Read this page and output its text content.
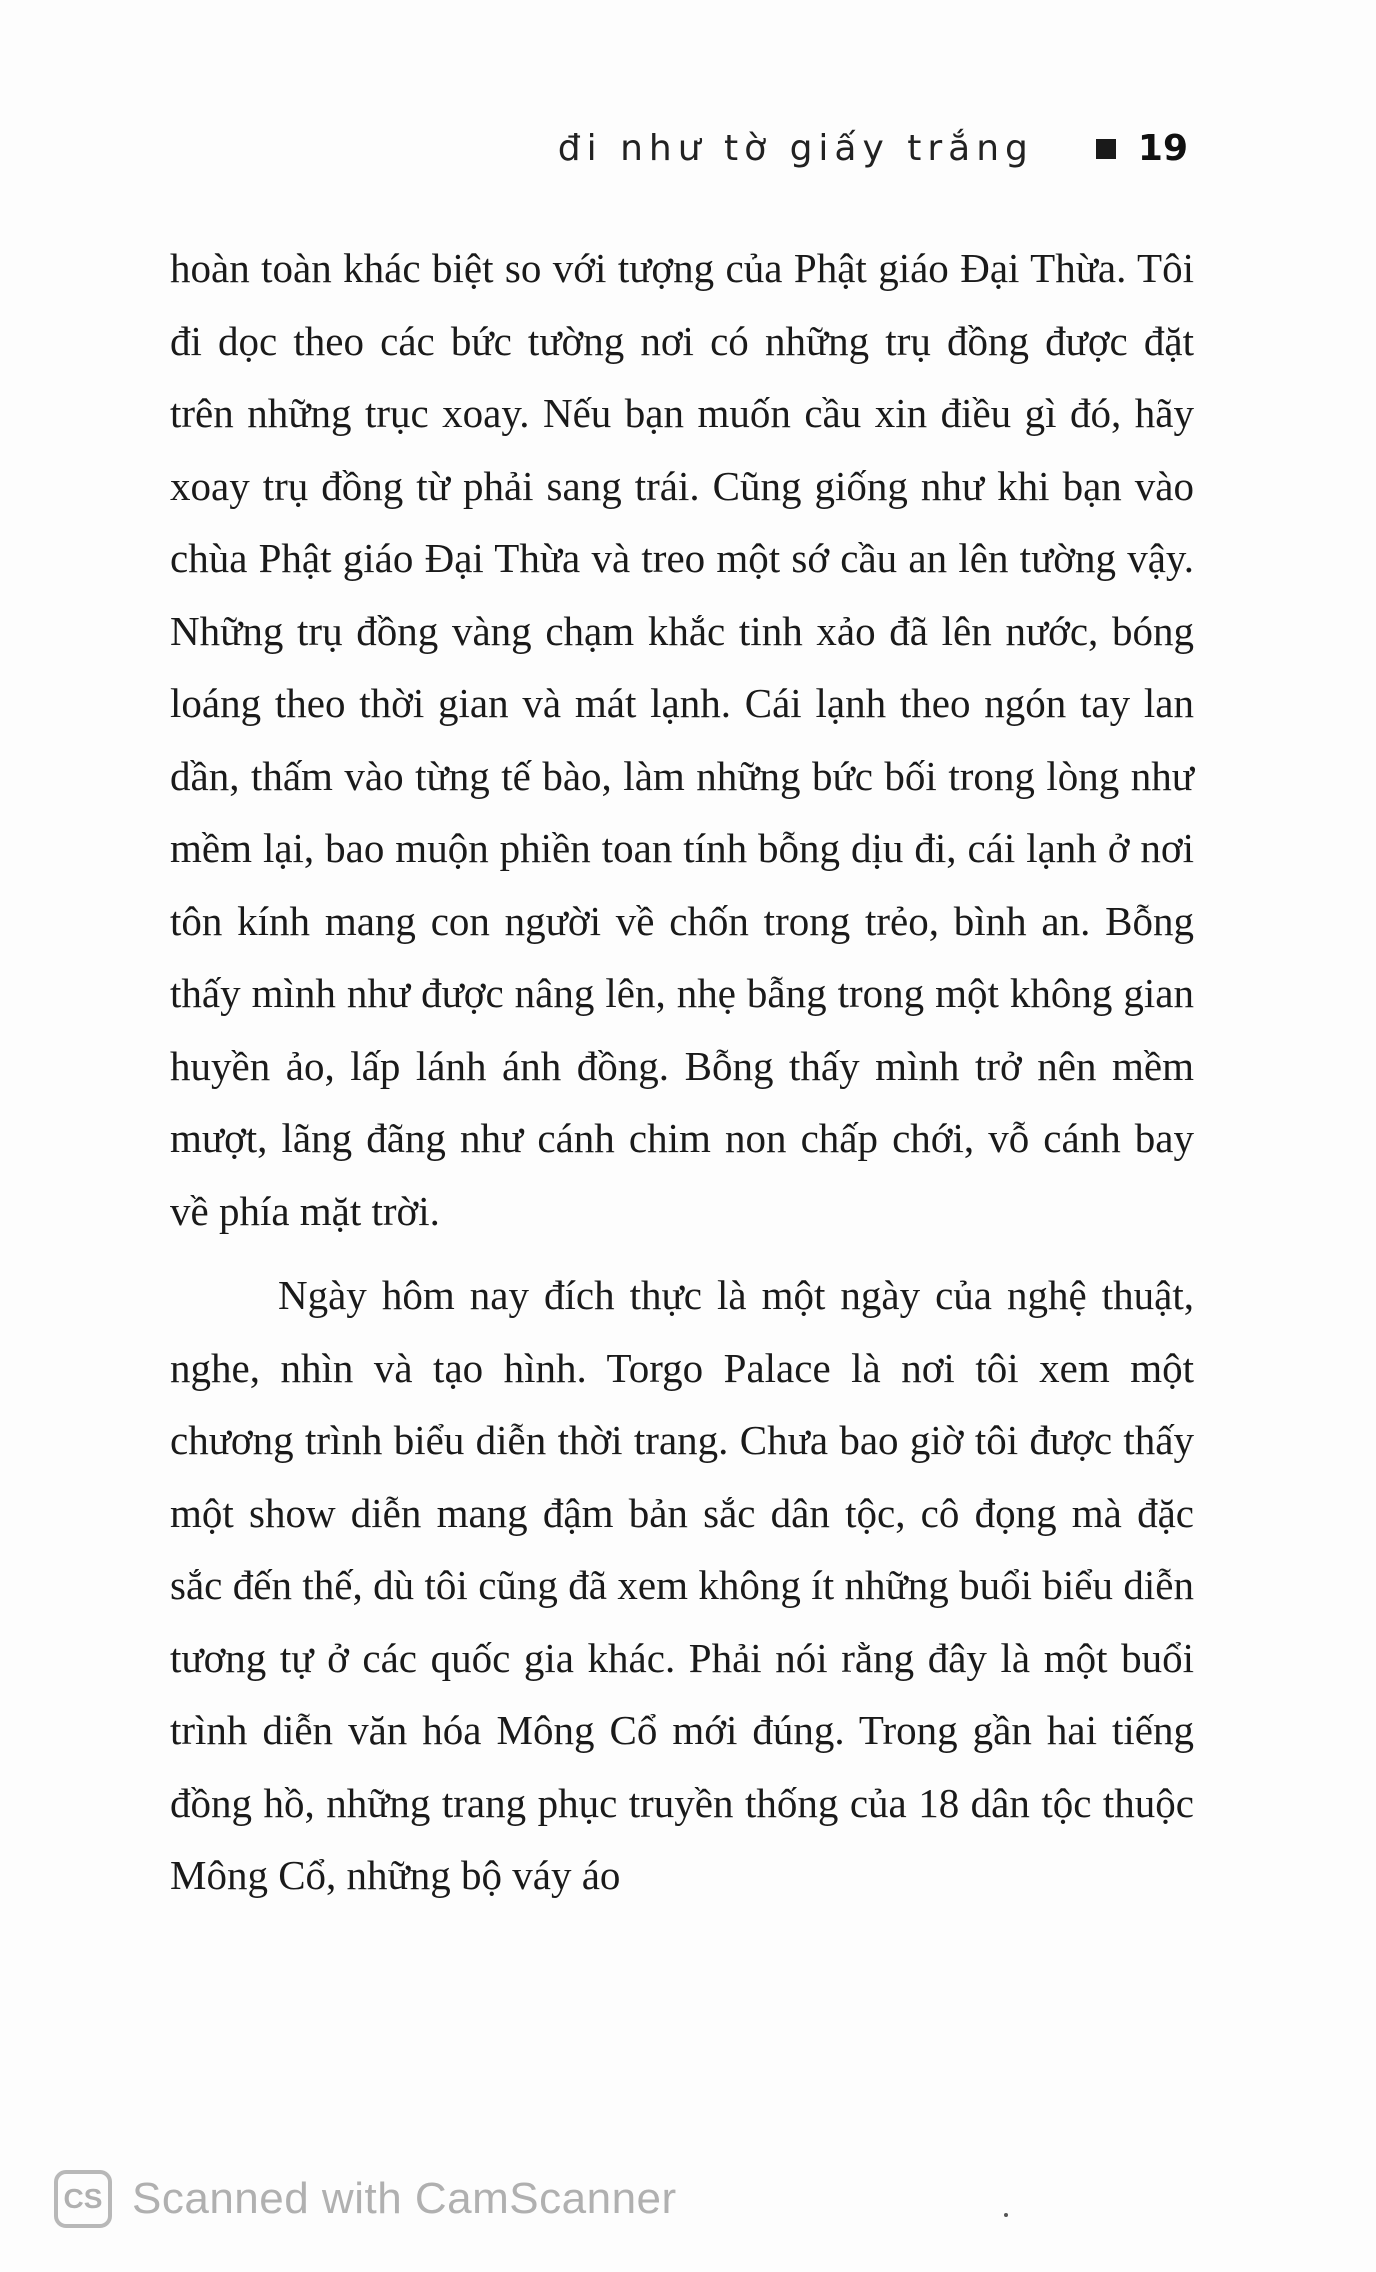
đi như tờ giấy trắng	19

hoàn toàn khác biệt so với tượng của Phật giáo Đại Thừa. Tôi đi dọc theo các bức tường nơi có những trụ đồng được đặt trên những trục xoay. Nếu bạn muốn cầu xin điều gì đó, hãy xoay trụ đồng từ phải sang trái. Cũng giống như khi bạn vào chùa Phật giáo Đại Thừa và treo một sớ cầu an lên tường vậy. Những trụ đồng vàng chạm khắc tinh xảo đã lên nước, bóng loáng theo thời gian và mát lạnh. Cái lạnh theo ngón tay lan dần, thấm vào từng tế bào, làm những bức bối trong lòng như mềm lại, bao muộn phiền toan tính bỗng dịu đi, cái lạnh ở nơi tôn kính mang con người về chốn trong trẻo, bình an. Bỗng thấy mình như được nâng lên, nhẹ bẫng trong một không gian huyền ảo, lấp lánh ánh đồng. Bỗng thấy mình trở nên mềm mượt, lãng đãng như cánh chim non chấp chới, vỗ cánh bay về phía mặt trời.

Ngày hôm nay đích thực là một ngày của nghệ thuật, nghe, nhìn và tạo hình. Torgo Palace là nơi tôi xem một chương trình biểu diễn thời trang. Chưa bao giờ tôi được thấy một show diễn mang đậm bản sắc dân tộc, cô đọng mà đặc sắc đến thế, dù tôi cũng đã xem không ít những buổi biểu diễn tương tự ở các quốc gia khác. Phải nói rằng đây là một buổi trình diễn văn hóa Mông Cổ mới đúng. Trong gần hai tiếng đồng hồ, những trang phục truyền thống của 18 dân tộc thuộc Mông Cổ, những bộ váy áo

CS Scanned with CamScanner
